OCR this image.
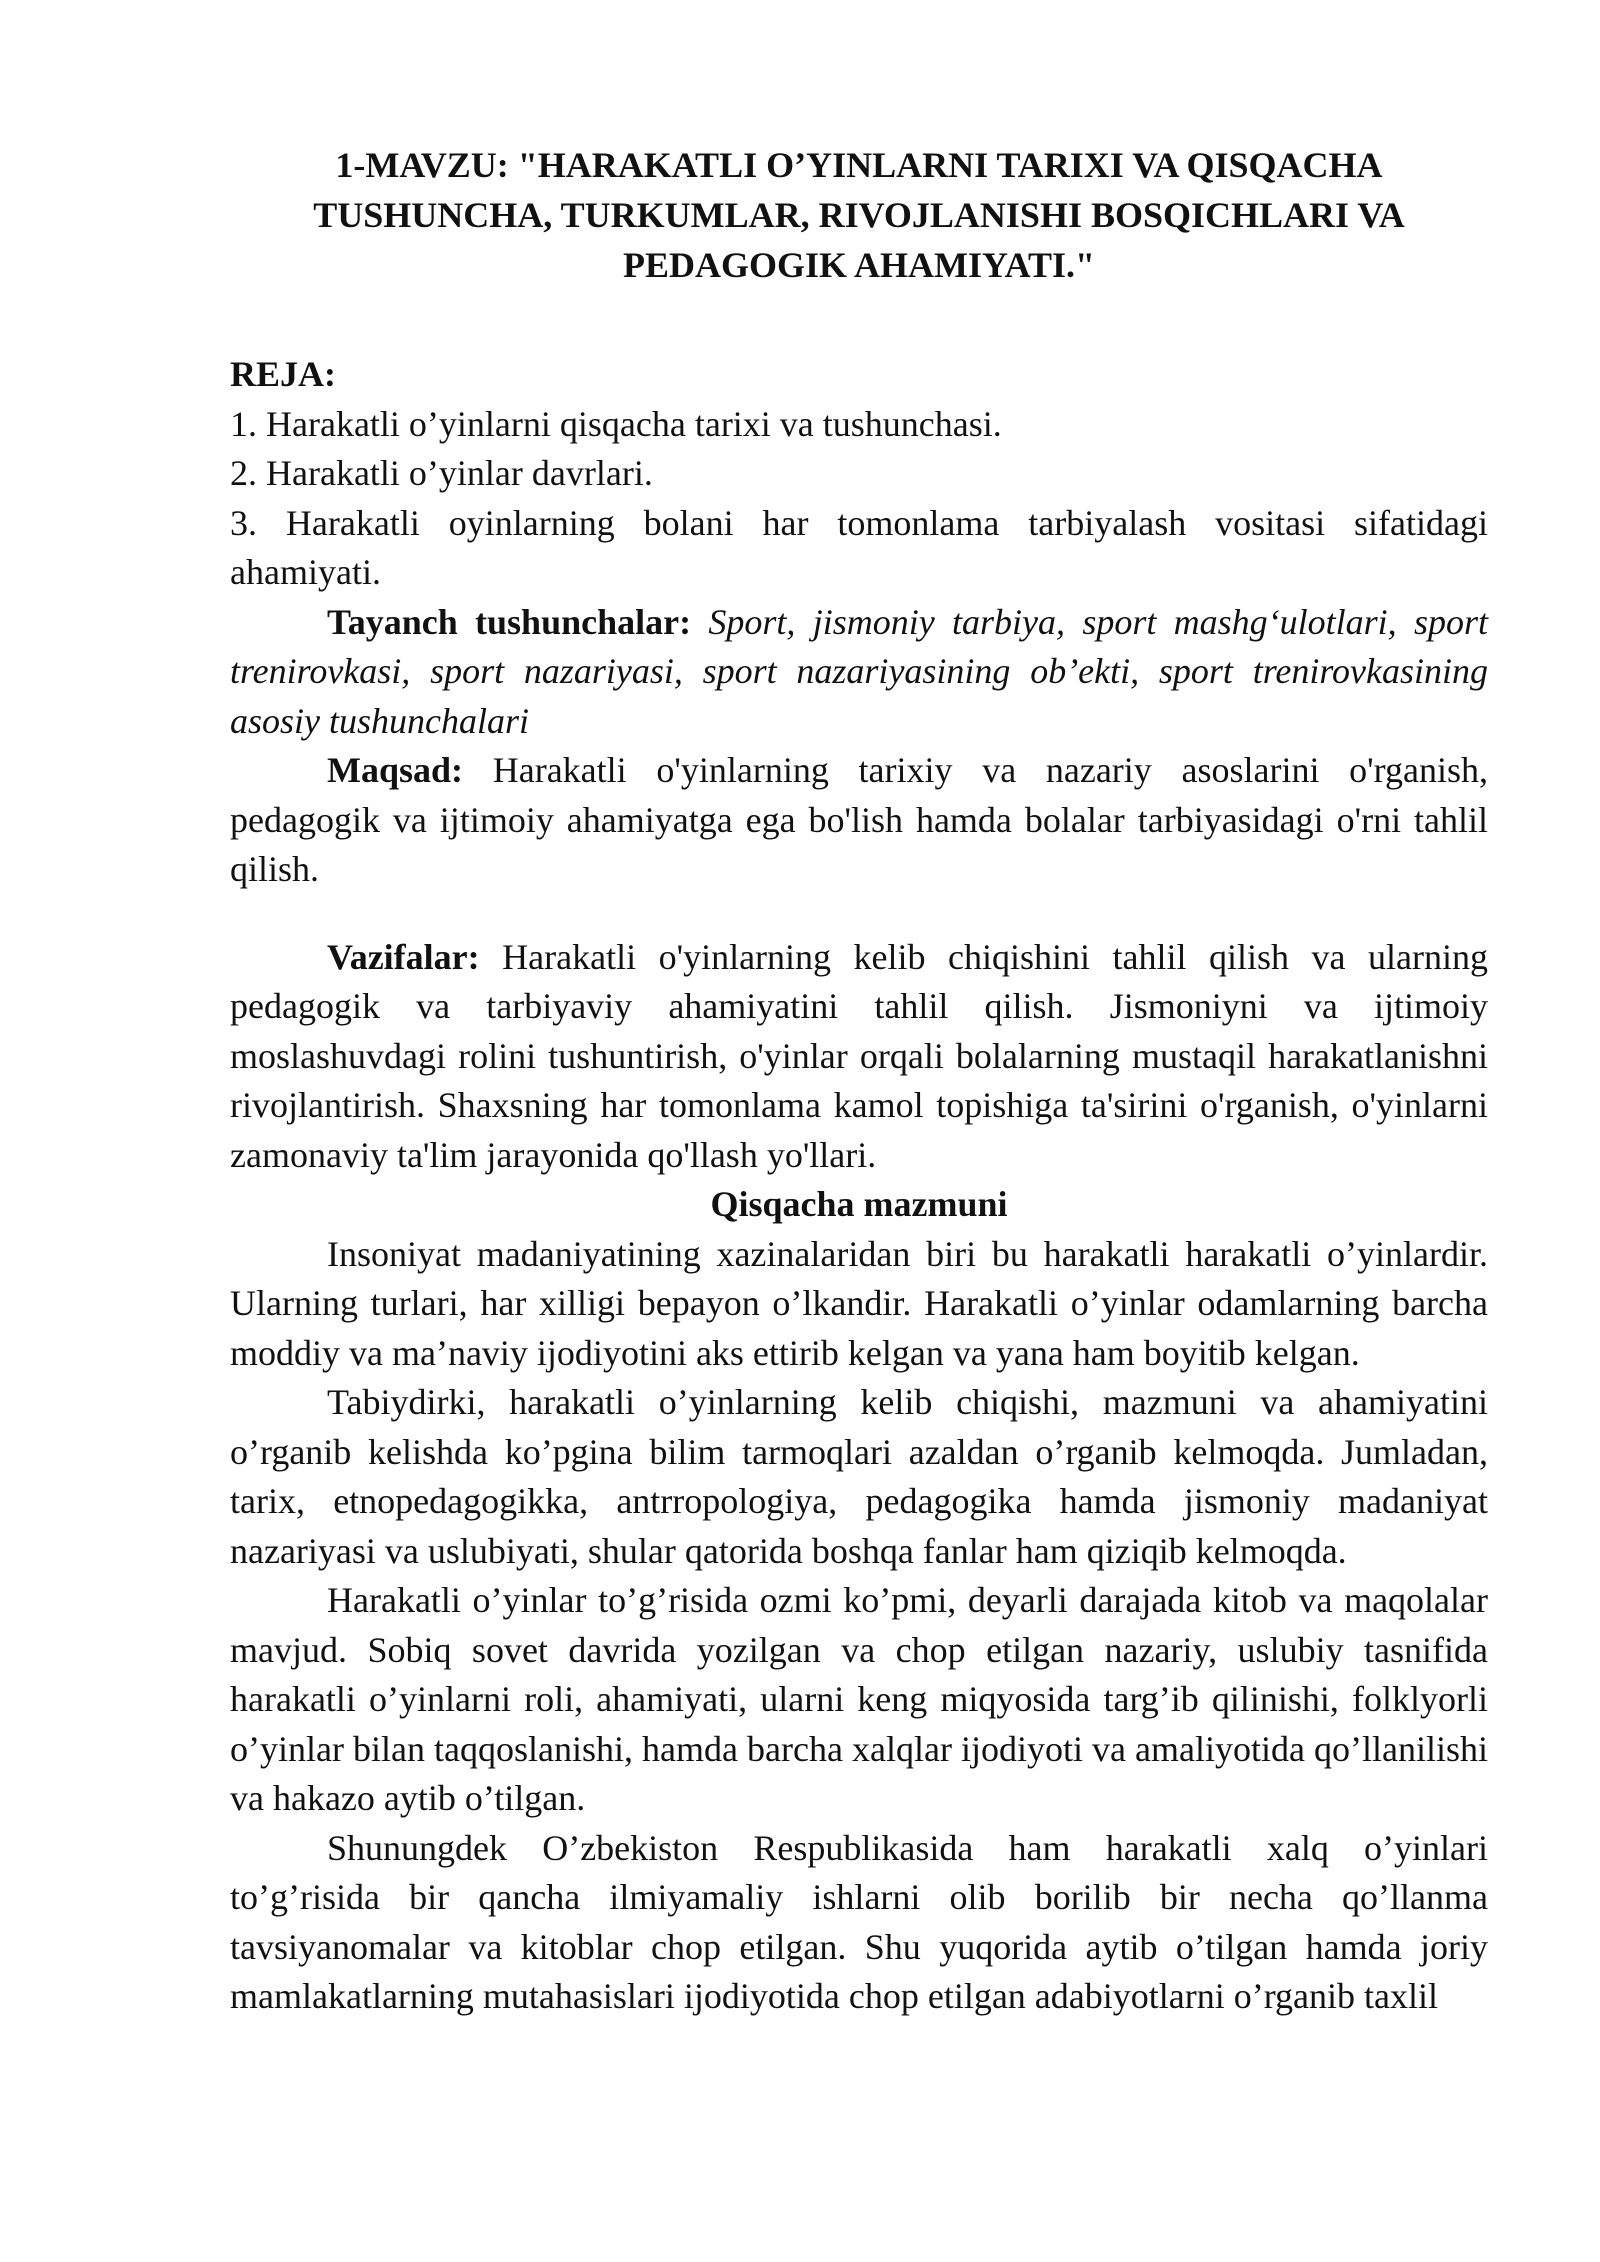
1-MAVZU: "HARAKATLI O’YINLARNI TARIXI VA QISQACHA
TUSHUNCHA, TURKUMLAR, RIVOJLANISHI BOSQICHLARI VA
PEDAGOGIK AHAMIYATI."

REJA:

1. Harakatli o’yinlarni qisqacha tarixi va tushunchasi.

2. Harakatli o’yinlar davrlari.

3. Harakatli oyinlarning bolani har tomonlama tarbiyalash vositasi sifatidagi ahamiyati.

Tayanch tushunchalar: Sport, jismoniy tarbiya, sport mashg‘ulotlari, sport trenirovkasi, sport nazariyasi, sport nazariyasining ob’ekti, sport trenirovkasining asosiy tushunchalari

Maqsad: Harakatli o'yinlarning tarixiy va nazariy asoslarini o'rganish, pedagogik va ijtimoiy ahamiyatga ega bo'lish hamda bolalar tarbiyasidagi o'rni tahlil qilish.

Vazifalar: Harakatli o'yinlarning kelib chiqishini tahlil qilish va ularning pedagogik va tarbiyaviy ahamiyatini tahlil qilish. Jismoniyni va ijtimoiy moslashuvdagi rolini tushuntirish, o'yinlar orqali bolalarning mustaqil harakatlanishni rivojlantirish. Shaxsning har tomonlama kamol topishiga ta'sirini o'rganish, o'yinlarni zamonaviy ta'lim jarayonida qo'llash yo'llari.

Qisqacha mazmuni

Insoniyat madaniyatining xazinalaridan biri bu harakatli harakatli o’yinlardir. Ularning turlari, har xilligi bepayon o’lkandir. Harakatli o’yinlar odamlarning barcha moddiy va ma’naviy ijodiyotini aks ettirib kelgan va yana ham boyitib kelgan.

Tabiydirki, harakatli o’yinlarning kelib chiqishi, mazmuni va ahamiyatini o’rganib kelishda ko’pgina bilim tarmoqlari azaldan o’rganib kelmoqda. Jumladan, tarix, etnopedagogikka, antrropologiya, pedagogika hamda jismoniy madaniyat nazariyasi va uslubiyati, shular qatorida boshqa fanlar ham qiziqib kelmoqda.

Harakatli o’yinlar to’g’risida ozmi ko’pmi, deyarli darajada kitob va maqolalar mavjud. Sobiq sovet davrida yozilgan va chop etilgan nazariy, uslubiy tasnifida harakatli o’yinlarni roli, ahamiyati, ularni keng miqyosida targ’ib qilinishi, folklyorli o’yinlar bilan taqqoslanishi, hamda barcha xalqlar ijodiyoti va amaliyotida qo’llanilishi va hakazo aytib o’tilgan.

Shunungdek O’zbekiston Respublikasida ham harakatli xalq o’yinlari to’g’risida bir qancha ilmiyamaliy ishlarni olib borilib bir necha qo’llanma tavsiyanomalar va kitoblar chop etilgan. Shu yuqorida aytib o’tilgan hamda joriy mamlakatlarning mutahasislari ijodiyotida chop etilgan adabiyotlarni o’rganib taxlil
